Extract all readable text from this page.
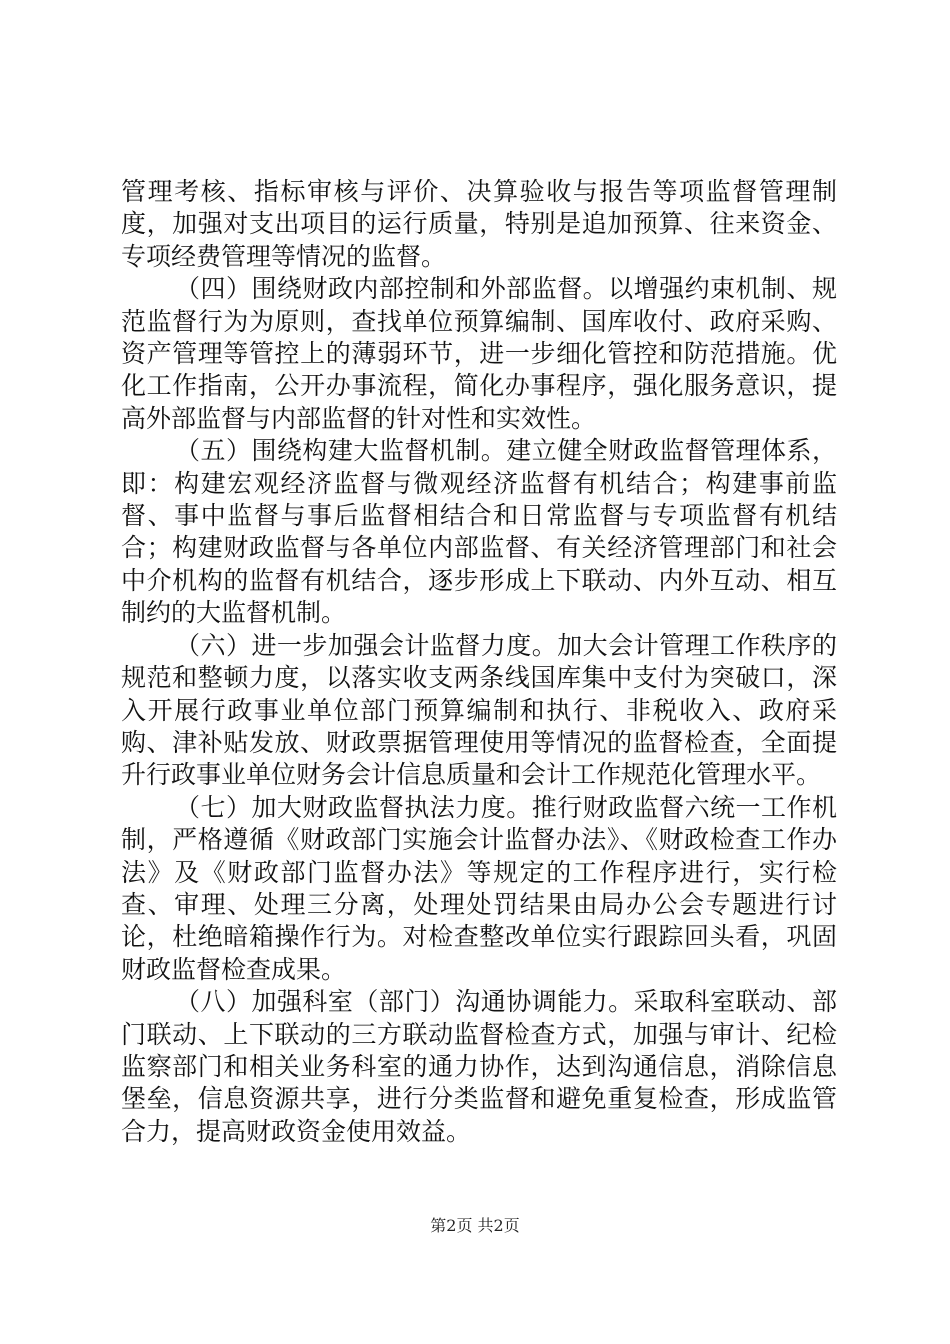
管理考核、指标审核与评价、决算验收与报告等项监督管理制度，加强对支出项目的运行质量，特别是追加预算、往来资金、专项经费管理等情况的监督。

（四）围绕财政内部控制和外部监督。以增强约束机制、规范监督行为为原则，查找单位预算编制、国库收付、政府采购、资产管理等管控上的薄弱环节，进一步细化管控和防范措施。优化工作指南，公开办事流程，简化办事程序，强化服务意识，提高外部监督与内部监督的针对性和实效性。

（五）围绕构建大监督机制。建立健全财政监督管理体系，即：构建宏观经济监督与微观经济监督有机结合；构建事前监督、事中监督与事后监督相结合和日常监督与专项监督有机结合；构建财政监督与各单位内部监督、有关经济管理部门和社会中介机构的监督有机结合，逐步形成上下联动、内外互动、相互制约的大监督机制。

（六）进一步加强会计监督力度。加大会计管理工作秩序的规范和整顿力度，以落实收支两条线国库集中支付为突破口，深入开展行政事业单位部门预算编制和执行、非税收入、政府采购、津补贴发放、财政票据管理使用等情况的监督检查，全面提升行政事业单位财务会计信息质量和会计工作规范化管理水平。

（七）加大财政监督执法力度。推行财政监督六统一工作机制，严格遵循《财政部门实施会计监督办法》、《财政检查工作办法》及《财政部门监督办法》等规定的工作程序进行，实行检查、审理、处理三分离，处理处罚结果由局办公会专题进行讨论，杜绝暗箱操作行为。对检查整改单位实行跟踪回头看，巩固财政监督检查成果。

（八）加强科室（部门）沟通协调能力。采取科室联动、部门联动、上下联动的三方联动监督检查方式，加强与审计、纪检监察部门和相关业务科室的通力协作，达到沟通信息，消除信息堡垒，信息资源共享，进行分类监督和避免重复检查，形成监管合力，提高财政资金使用效益。

第2页 共2页
